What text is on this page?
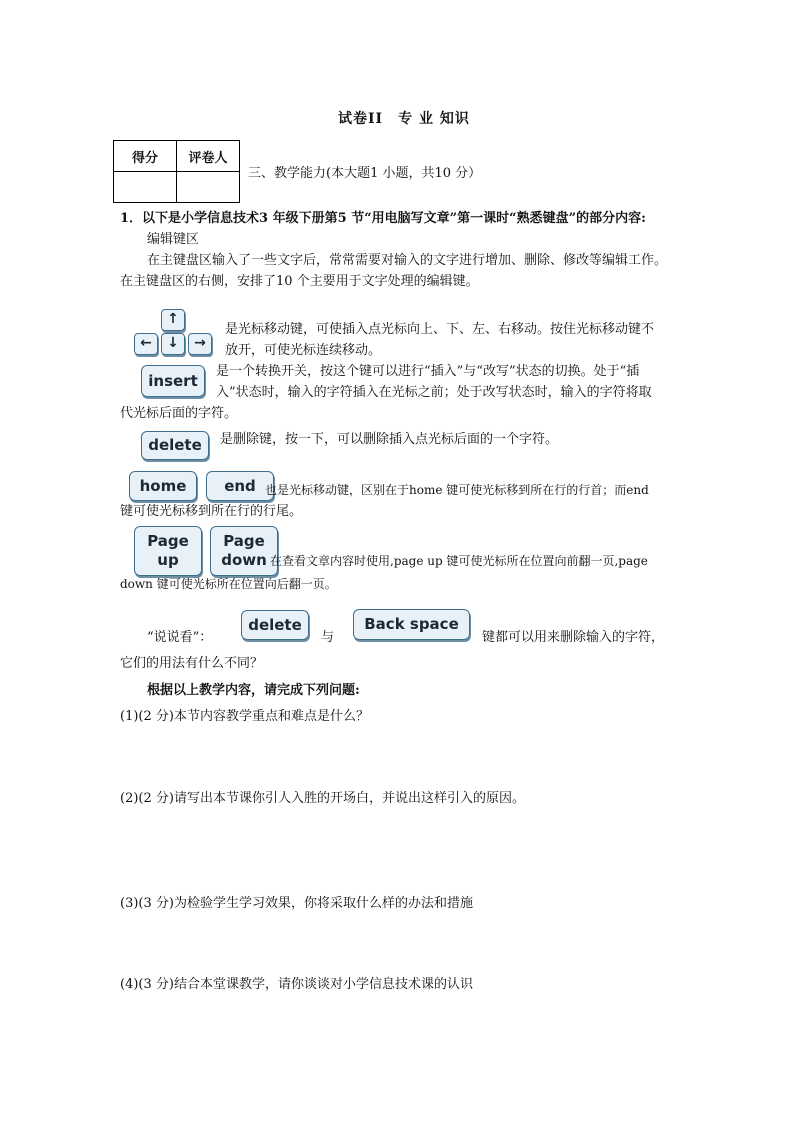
试卷II　专 业 知识
得分	评卷人

三、教学能力(本大题1 小题，共10 分）
1．以下是小学信息技术3 年级下册第5 节“用电脑写文章”第一课时“熟悉键盘”的部分内容:
编辑键区
在主键盘区输入了一些文字后，常常需要对输入的文字进行增加、删除、修改等编辑工作。
在主键盘区的右侧，安排了10 个主要用于文字处理的编辑键。
↑
←	↓	→
是光标移动键，可使插入点光标向上、下、左、右移动。按住光标移动键不
放开，可使光标连续移动。
insert
是一个转换开关，按这个键可以进行“插入”与“改写”状态的切换。处于“插
入”状态时，输入的字符插入在光标之前；处于改写状态时，输入的字符将取
代光标后面的字符。
delete	是删除键，按一下，可以删除插入点光标后面的一个字符。
home	end 也是光标移动键，区别在于home 键可使光标移到所在行的行首；而end
键可使光标移到所在行的行尾。
Page
up
Page
down 在查看文章内容时使用,page up 键可使光标所在位置向前翻一页,page
down 键可使光标所在位置向后翻一页。
“说说看”：
delete
与
Back space
键都可以用来删除输入的字符，
它们的用法有什么不同？
根据以上教学内容，请完成下列问题:
(1)(2 分)本节内容教学重点和难点是什么？
(2)(2 分)请写出本节课你引人入胜的开场白，并说出这样引入的原因。
(3)(3 分)为检验学生学习效果，你将采取什么样的办法和措施
(4)(3 分)结合本堂课教学，请你谈谈对小学信息技术课的认识
